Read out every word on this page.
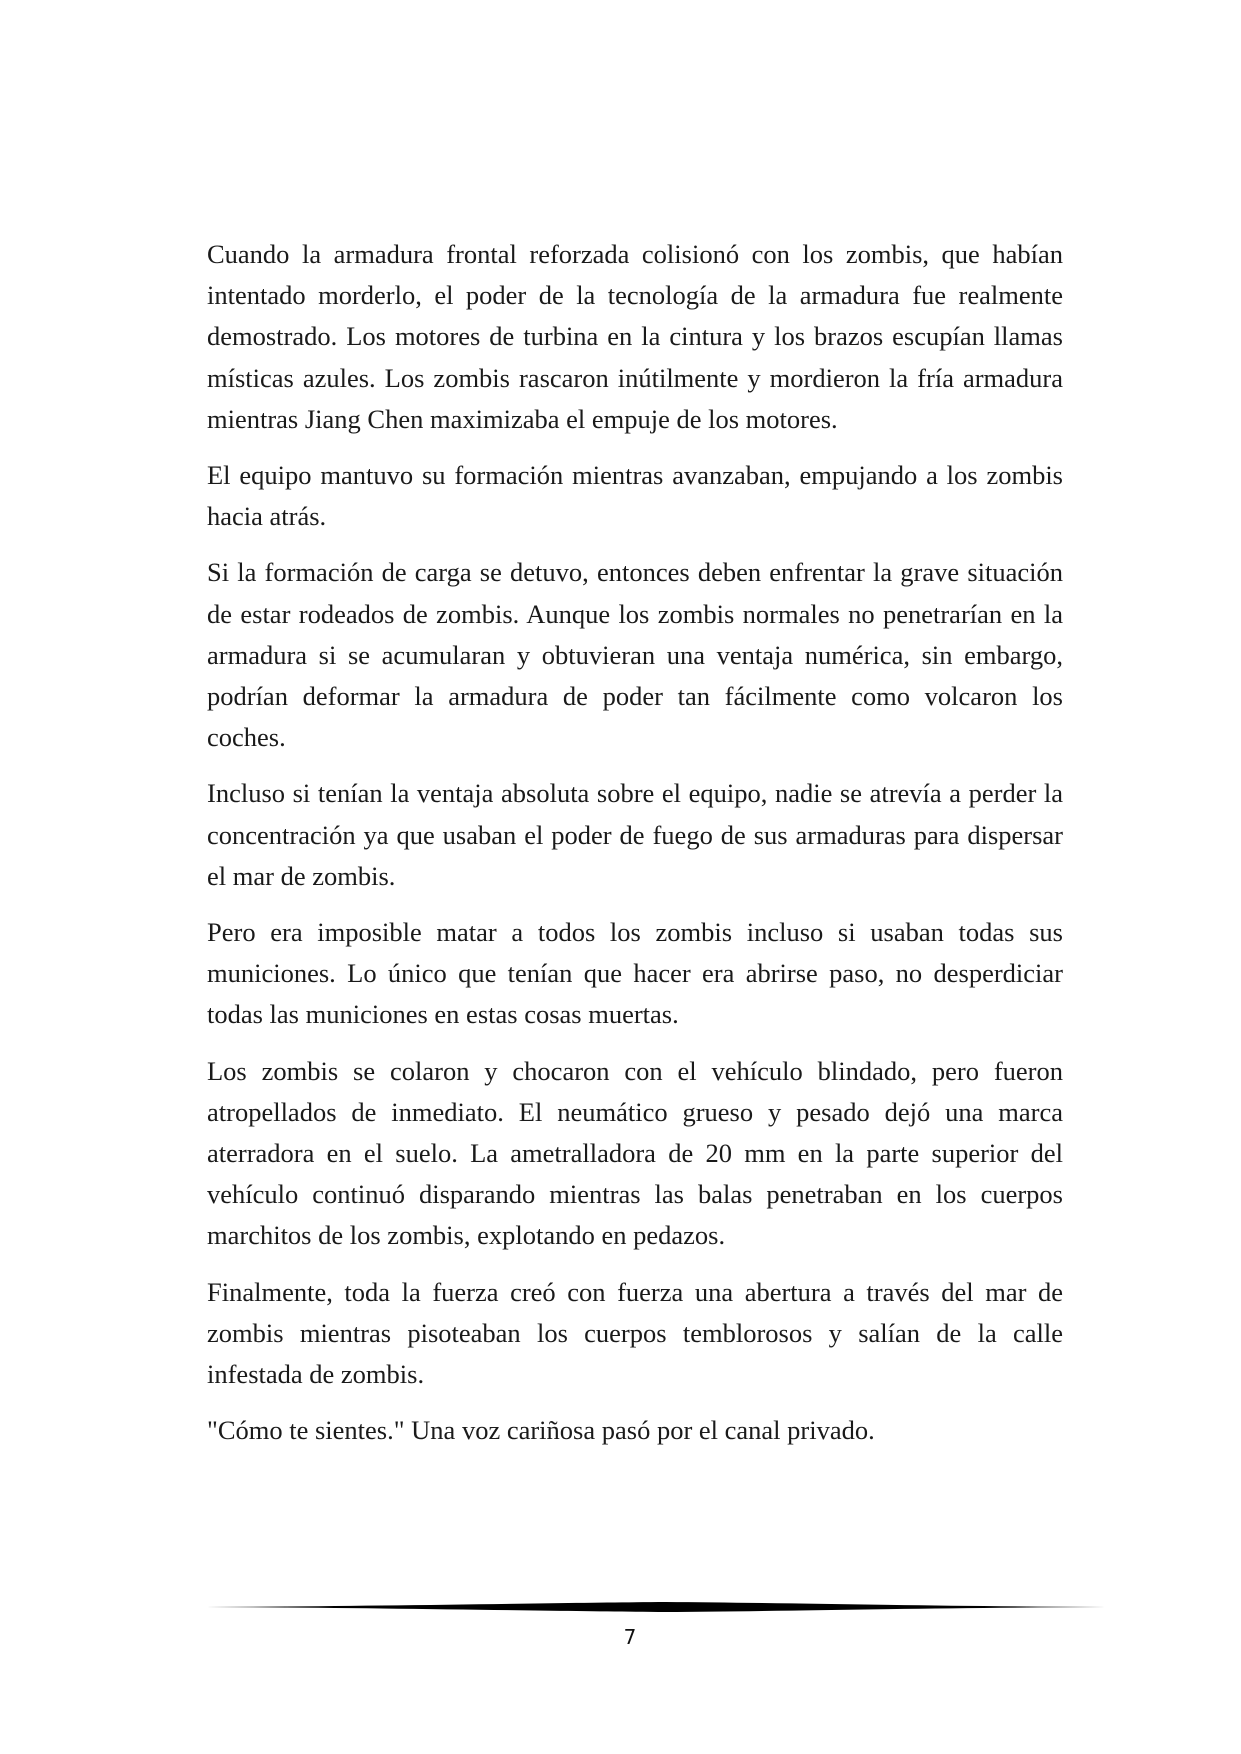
Cuando la armadura frontal reforzada colisionó con los zombis, que habían intentado morderlo, el poder de la tecnología de la armadura fue realmente demostrado. Los motores de turbina en la cintura y los brazos escupían llamas místicas azules. Los zombis rascaron inútilmente y mordieron la fría armadura mientras Jiang Chen maximizaba el empuje de los motores.

El equipo mantuvo su formación mientras avanzaban, empujando a los zombis hacia atrás.

Si la formación de carga se detuvo, entonces deben enfrentar la grave situación de estar rodeados de zombis. Aunque los zombis normales no penetrarían en la armadura si se acumularan y obtuvieran una ventaja numérica, sin embargo, podrían deformar la armadura de poder tan fácilmente como volcaron los coches.

Incluso si tenían la ventaja absoluta sobre el equipo, nadie se atrevía a perder la concentración ya que usaban el poder de fuego de sus armaduras para dispersar el mar de zombis.

Pero era imposible matar a todos los zombis incluso si usaban todas sus municiones. Lo único que tenían que hacer era abrirse paso, no desperdiciar todas las municiones en estas cosas muertas.

Los zombis se colaron y chocaron con el vehículo blindado, pero fueron atropellados de inmediato. El neumático grueso y pesado dejó una marca aterradora en el suelo. La ametralladora de 20 mm en la parte superior del vehículo continuó disparando mientras las balas penetraban en los cuerpos marchitos de los zombis, explotando en pedazos.

Finalmente, toda la fuerza creó con fuerza una abertura a través del mar de zombis mientras pisoteaban los cuerpos temblorosos y salían de la calle infestada de zombis.

"Cómo te sientes." Una voz cariñosa pasó por el canal privado.

7
